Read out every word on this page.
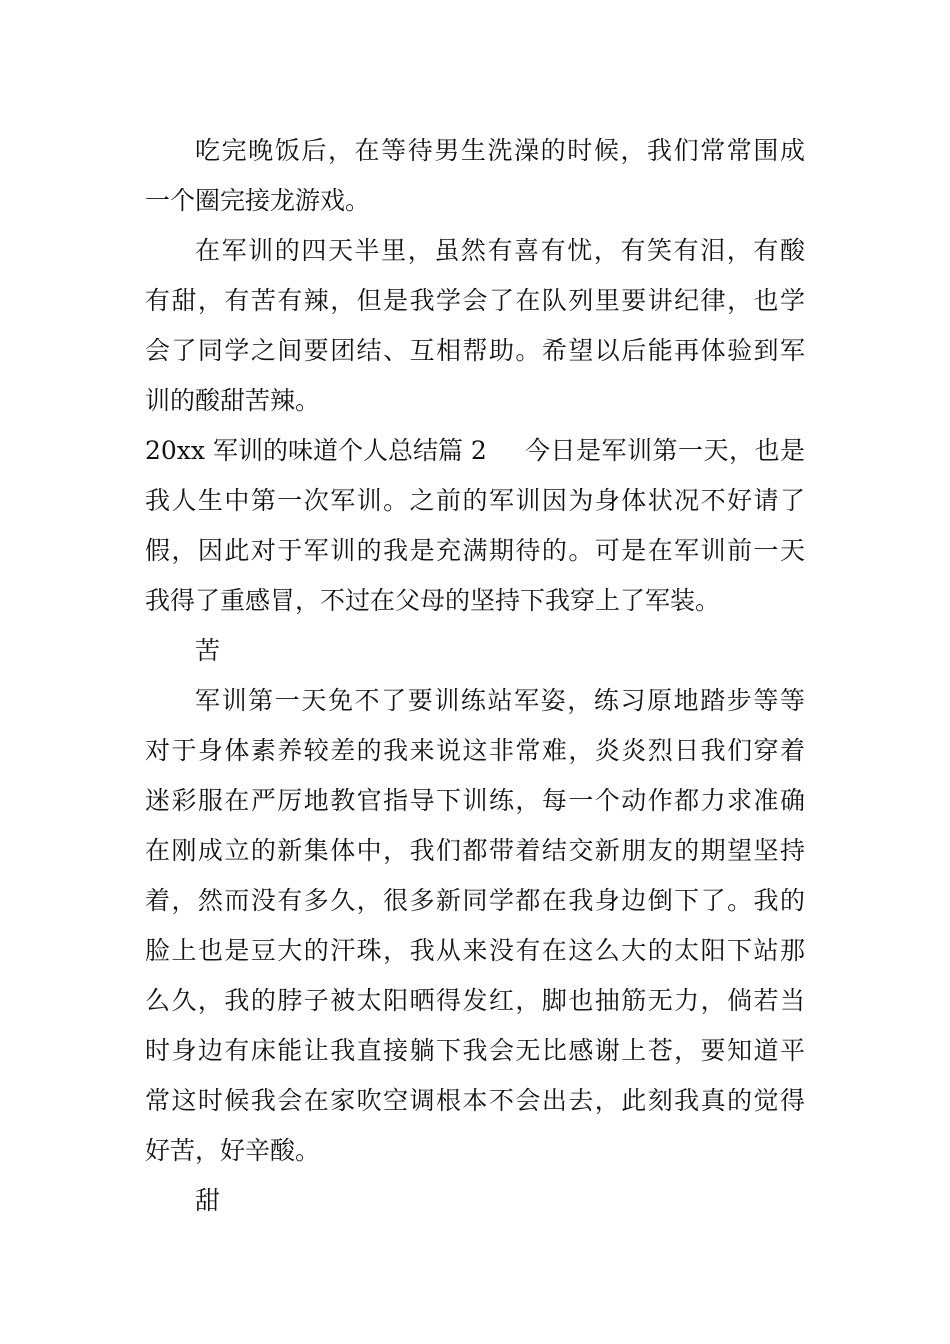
吃完晚饭后，在等待男生洗澡的时候，我们常常围成
一个圈完接龙游戏。
在军训的四天半里，虽然有喜有忧，有笑有泪，有酸
有甜，有苦有辣，但是我学会了在队列里要讲纪律，也学
会了同学之间要团结、互相帮助。希望以后能再体验到军
训的酸甜苦辣。
20xx 军训的味道个人总结篇 2 今日是军训第一天，也是
我人生中第一次军训。之前的军训因为身体状况不好请了
假，因此对于军训的我是充满期待的。可是在军训前一天
我得了重感冒，不过在父母的坚持下我穿上了军装。
苦
军训第一天免不了要训练站军姿，练习原地踏步等等
对于身体素养较差的我来说这非常难，炎炎烈日我们穿着
迷彩服在严厉地教官指导下训练，每一个动作都力求准确
在刚成立的新集体中，我们都带着结交新朋友的期望坚持
着，然而没有多久，很多新同学都在我身边倒下了。我的
脸上也是豆大的汗珠，我从来没有在这么大的太阳下站那
么久，我的脖子被太阳晒得发红，脚也抽筋无力，倘若当
时身边有床能让我直接躺下我会无比感谢上苍，要知道平
常这时候我会在家吹空调根本不会出去，此刻我真的觉得
好苦，好辛酸。
甜
